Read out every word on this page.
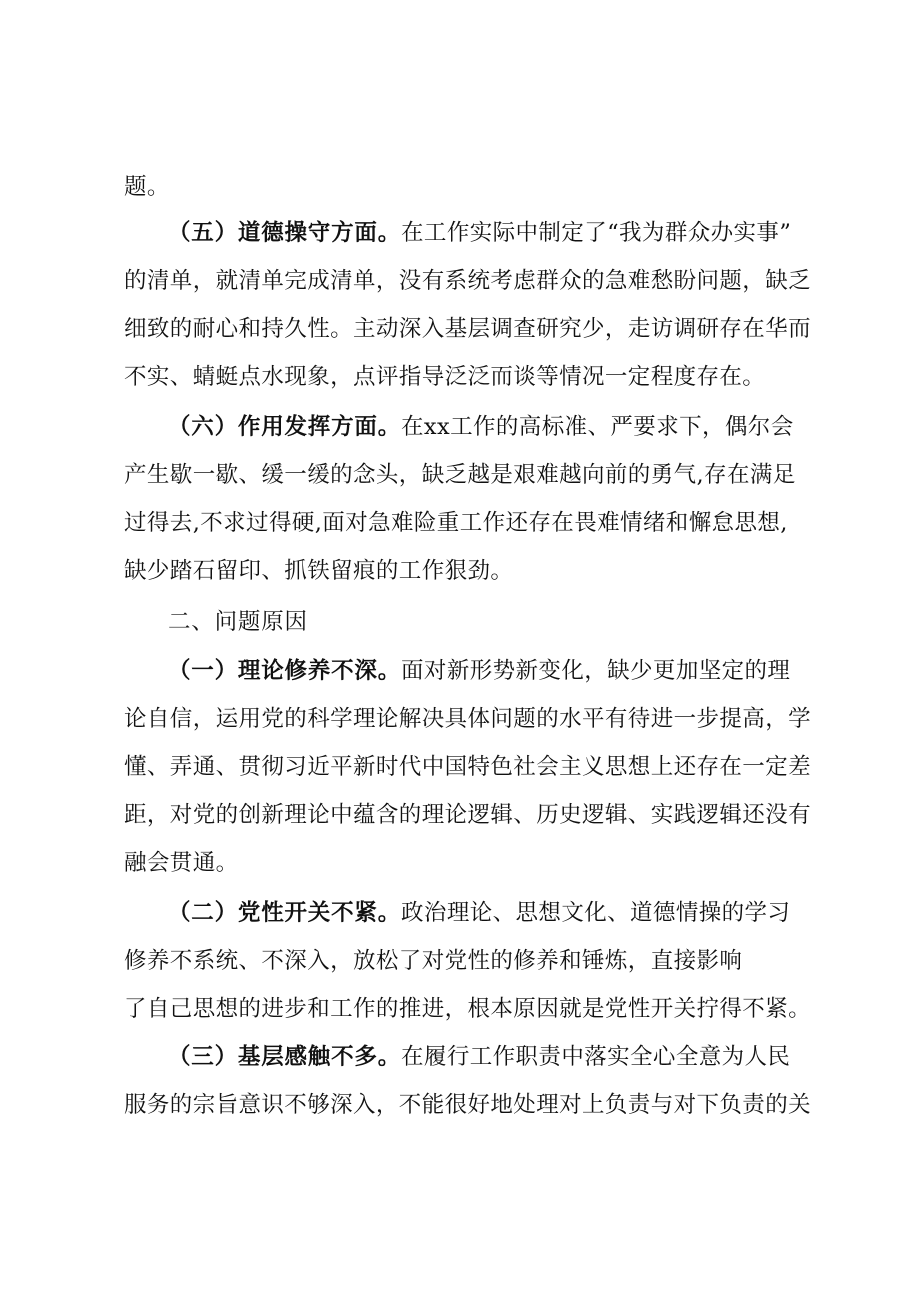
题。
（五）道德操守方面。在工作实际中制定了“我为群众办实事”
的清单，就清单完成清单，没有系统考虑群众的急难愁盼问题，缺乏
细致的耐心和持久性。主动深入基层调查研究少，走访调研存在华而
不实、蜻蜓点水现象，点评指导泛泛而谈等情况一定程度存在。
（六）作用发挥方面。在xx工作的高标准、严要求下，偶尔会
产生歇一歇、缓一缓的念头，缺乏越是艰难越向前的勇气,存在满足
过得去,不求过得硬,面对急难险重工作还存在畏难情绪和懈怠思想,
缺少踏石留印、抓铁留痕的工作狠劲。
二、问题原因
（一）理论修养不深。面对新形势新变化，缺少更加坚定的理
论自信，运用党的科学理论解决具体问题的水平有待进一步提高，学
懂、弄通、贯彻习近平新时代中国特色社会主义思想上还存在一定差
距，对党的创新理论中蕴含的理论逻辑、历史逻辑、实践逻辑还没有
融会贯通。
（二）党性开关不紧。政治理论、思想文化、道德情操的学习
修养不系统、不深入，放松了对党性的修养和锤炼，直接影响
了自己思想的进步和工作的推进，根本原因就是党性开关拧得不紧。
（三）基层感触不多。在履行工作职责中落实全心全意为人民
服务的宗旨意识不够深入，不能很好地处理对上负责与对下负责的关
